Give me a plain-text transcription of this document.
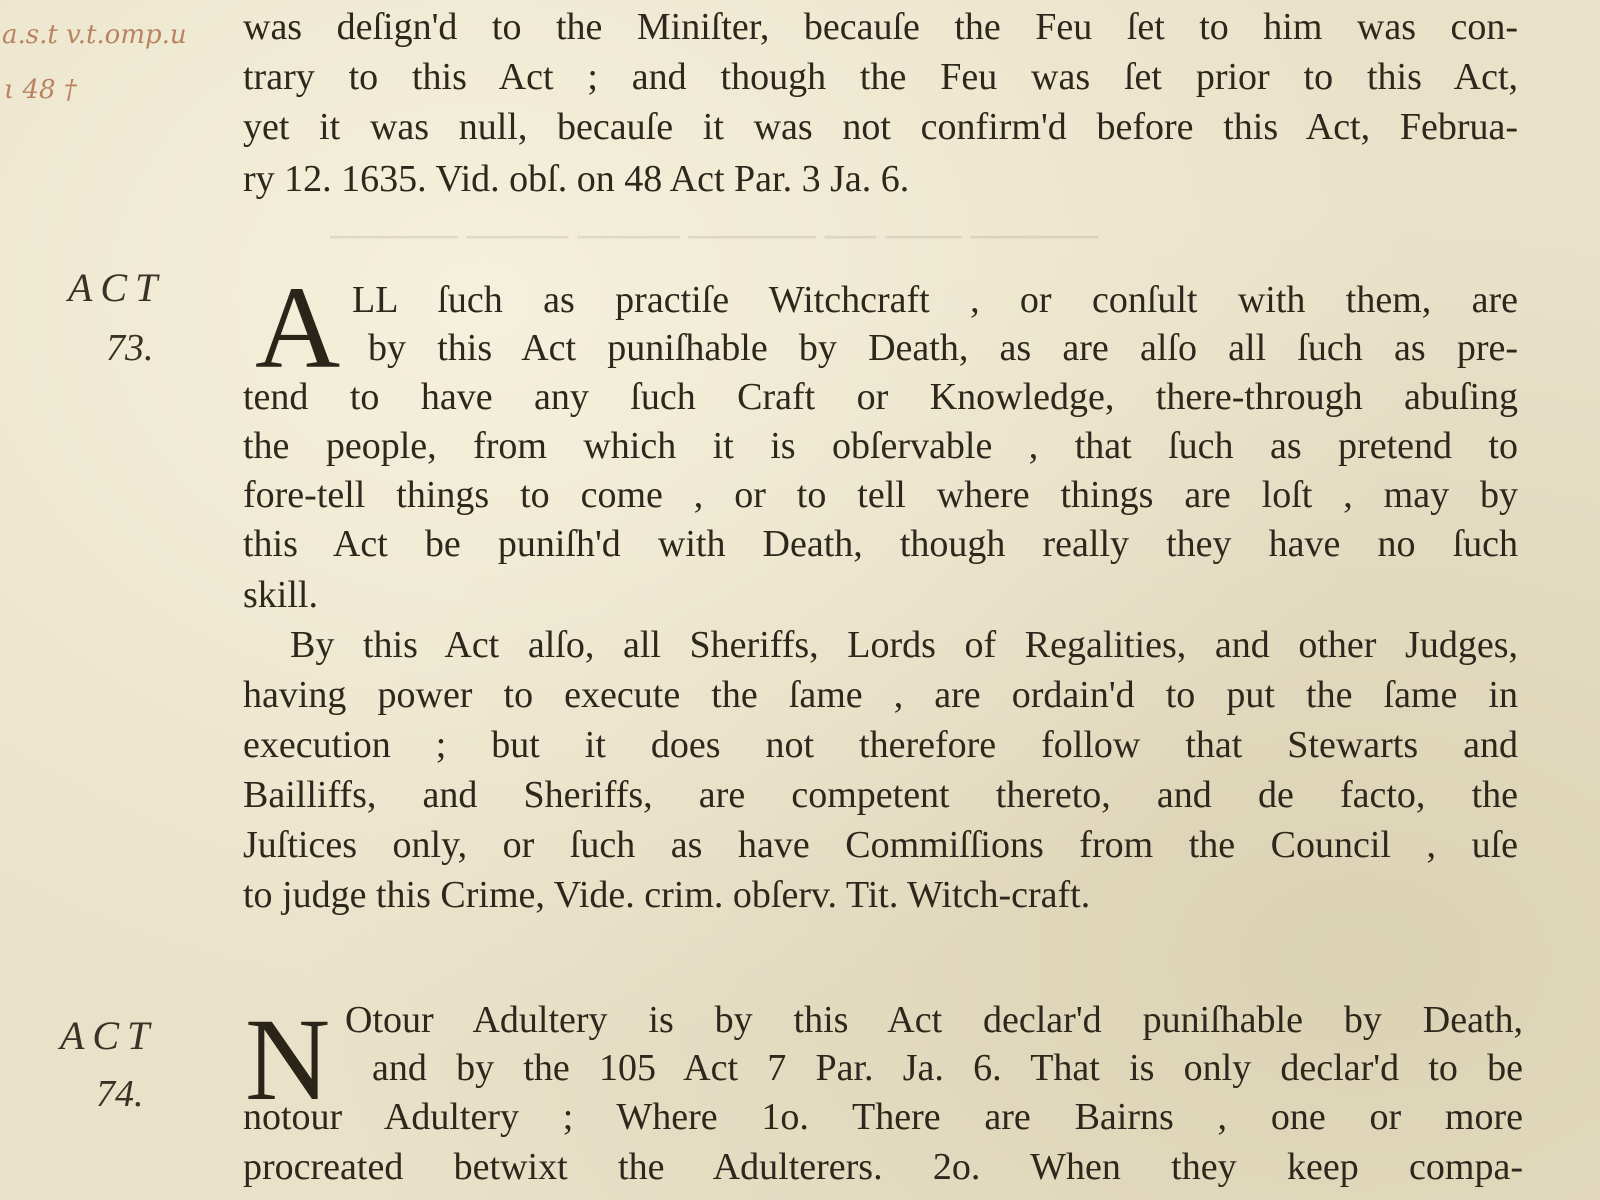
───── ─── ── ───── ──── ──── ─────
a.s.t v.t.omp.u
ι 48 †
was deſign'd to the Miniſter, becauſe the Feu ſet to him was con-
trary to this Act ; and though the Feu was ſet prior to this Act,
yet it was null, becauſe it was not confirm'd before this Act, Februa-
ry 12. 1635. Vid. obſ. on 48 Act Par. 3 Ja. 6.
ACT
73. A LL ſuch as practiſe Witchcraft , or conſult with them, are
by this Act puniſhable by Death, as are alſo all ſuch as pre-
tend to have any ſuch Craft or Knowledge, there-through abuſing
the people, from which it is obſervable , that ſuch as pretend to
fore-tell things to come , or to tell where things are loſt , may by
this Act be puniſh'd with Death, though really they have no ſuch
skill.
By this Act alſo, all Sheriffs, Lords of Regalities, and other Judges,
having power to execute the ſame , are ordain'd to put the ſame in
execution ; but it does not therefore follow that Stewarts and
Bailliffs, and Sheriffs, are competent thereto, and de facto, the
Juſtices only, or ſuch as have Commiſſions from the Council , uſe
to judge this Crime, Vide. crim. obſerv. Tit. Witch-craft.
ACT
74. N Otour Adultery is by this Act declar'd puniſhable by Death,
and by the 105 Act 7 Par. Ja. 6. That is only declar'd to be
notour Adultery ; Where 1o. There are Bairns , one or more
procreated betwixt the Adulterers. 2o. When they keep compa-
